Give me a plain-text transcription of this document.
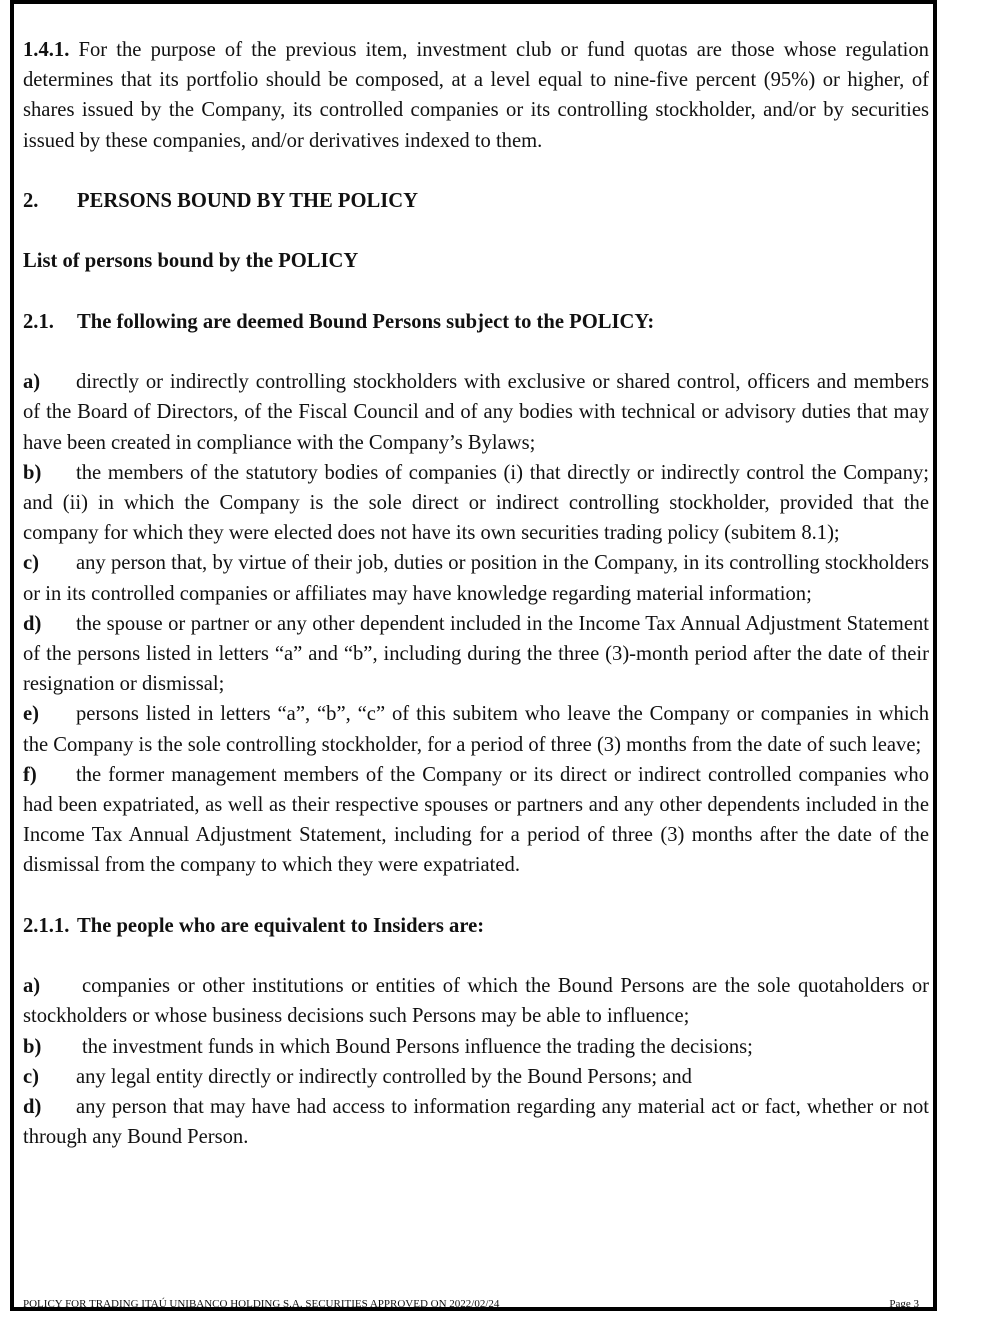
1.4.1. For the purpose of the previous item, investment club or fund quotas are those whose regulation determines that its portfolio should be composed, at a level equal to nine-five percent (95%) or higher, of shares issued by the Company, its controlled companies or its controlling stockholder, and/or by securities issued by these companies, and/or derivatives indexed to them.

2. PERSONS BOUND BY THE POLICY

List of persons bound by the POLICY

2.1. The following are deemed Bound Persons subject to the POLICY:

a) directly or indirectly controlling stockholders with exclusive or shared control, officers and members of the Board of Directors, of the Fiscal Council and of any bodies with technical or advisory duties that may have been created in compliance with the Company’s Bylaws;

b) the members of the statutory bodies of companies (i) that directly or indirectly control the Company; and (ii) in which the Company is the sole direct or indirect controlling stockholder, provided that the company for which they were elected does not have its own securities trading policy (subitem 8.1);

c) any person that, by virtue of their job, duties or position in the Company, in its controlling stockholders or in its controlled companies or affiliates may have knowledge regarding material information;

d) the spouse or partner or any other dependent included in the Income Tax Annual Adjustment Statement of the persons listed in letters “a” and “b”, including during the three (3)-month period after the date of their resignation or dismissal;

e) persons listed in letters “a”, “b”, “c” of this subitem who leave the Company or companies in which the Company is the sole controlling stockholder, for a period of three (3) months from the date of such leave;

f) the former management members of the Company or its direct or indirect controlled companies who had been expatriated, as well as their respective spouses or partners and any other dependents included in the Income Tax Annual Adjustment Statement, including for a period of three (3) months after the date of the dismissal from the company to which they were expatriated.

2.1.1. The people who are equivalent to Insiders are:

a) companies or other institutions or entities of which the Bound Persons are the sole quotaholders or stockholders or whose business decisions such Persons may be able to influence;

b) the investment funds in which Bound Persons influence the trading the decisions;

c) any legal entity directly or indirectly controlled by the Bound Persons; and

d) any person that may have had access to information regarding any material act or fact, whether or not through any Bound Person.

POLICY FOR TRADING ITAÚ UNIBANCO HOLDING S.A. SECURITIES APPROVED ON 2022/02/24	Page 3
